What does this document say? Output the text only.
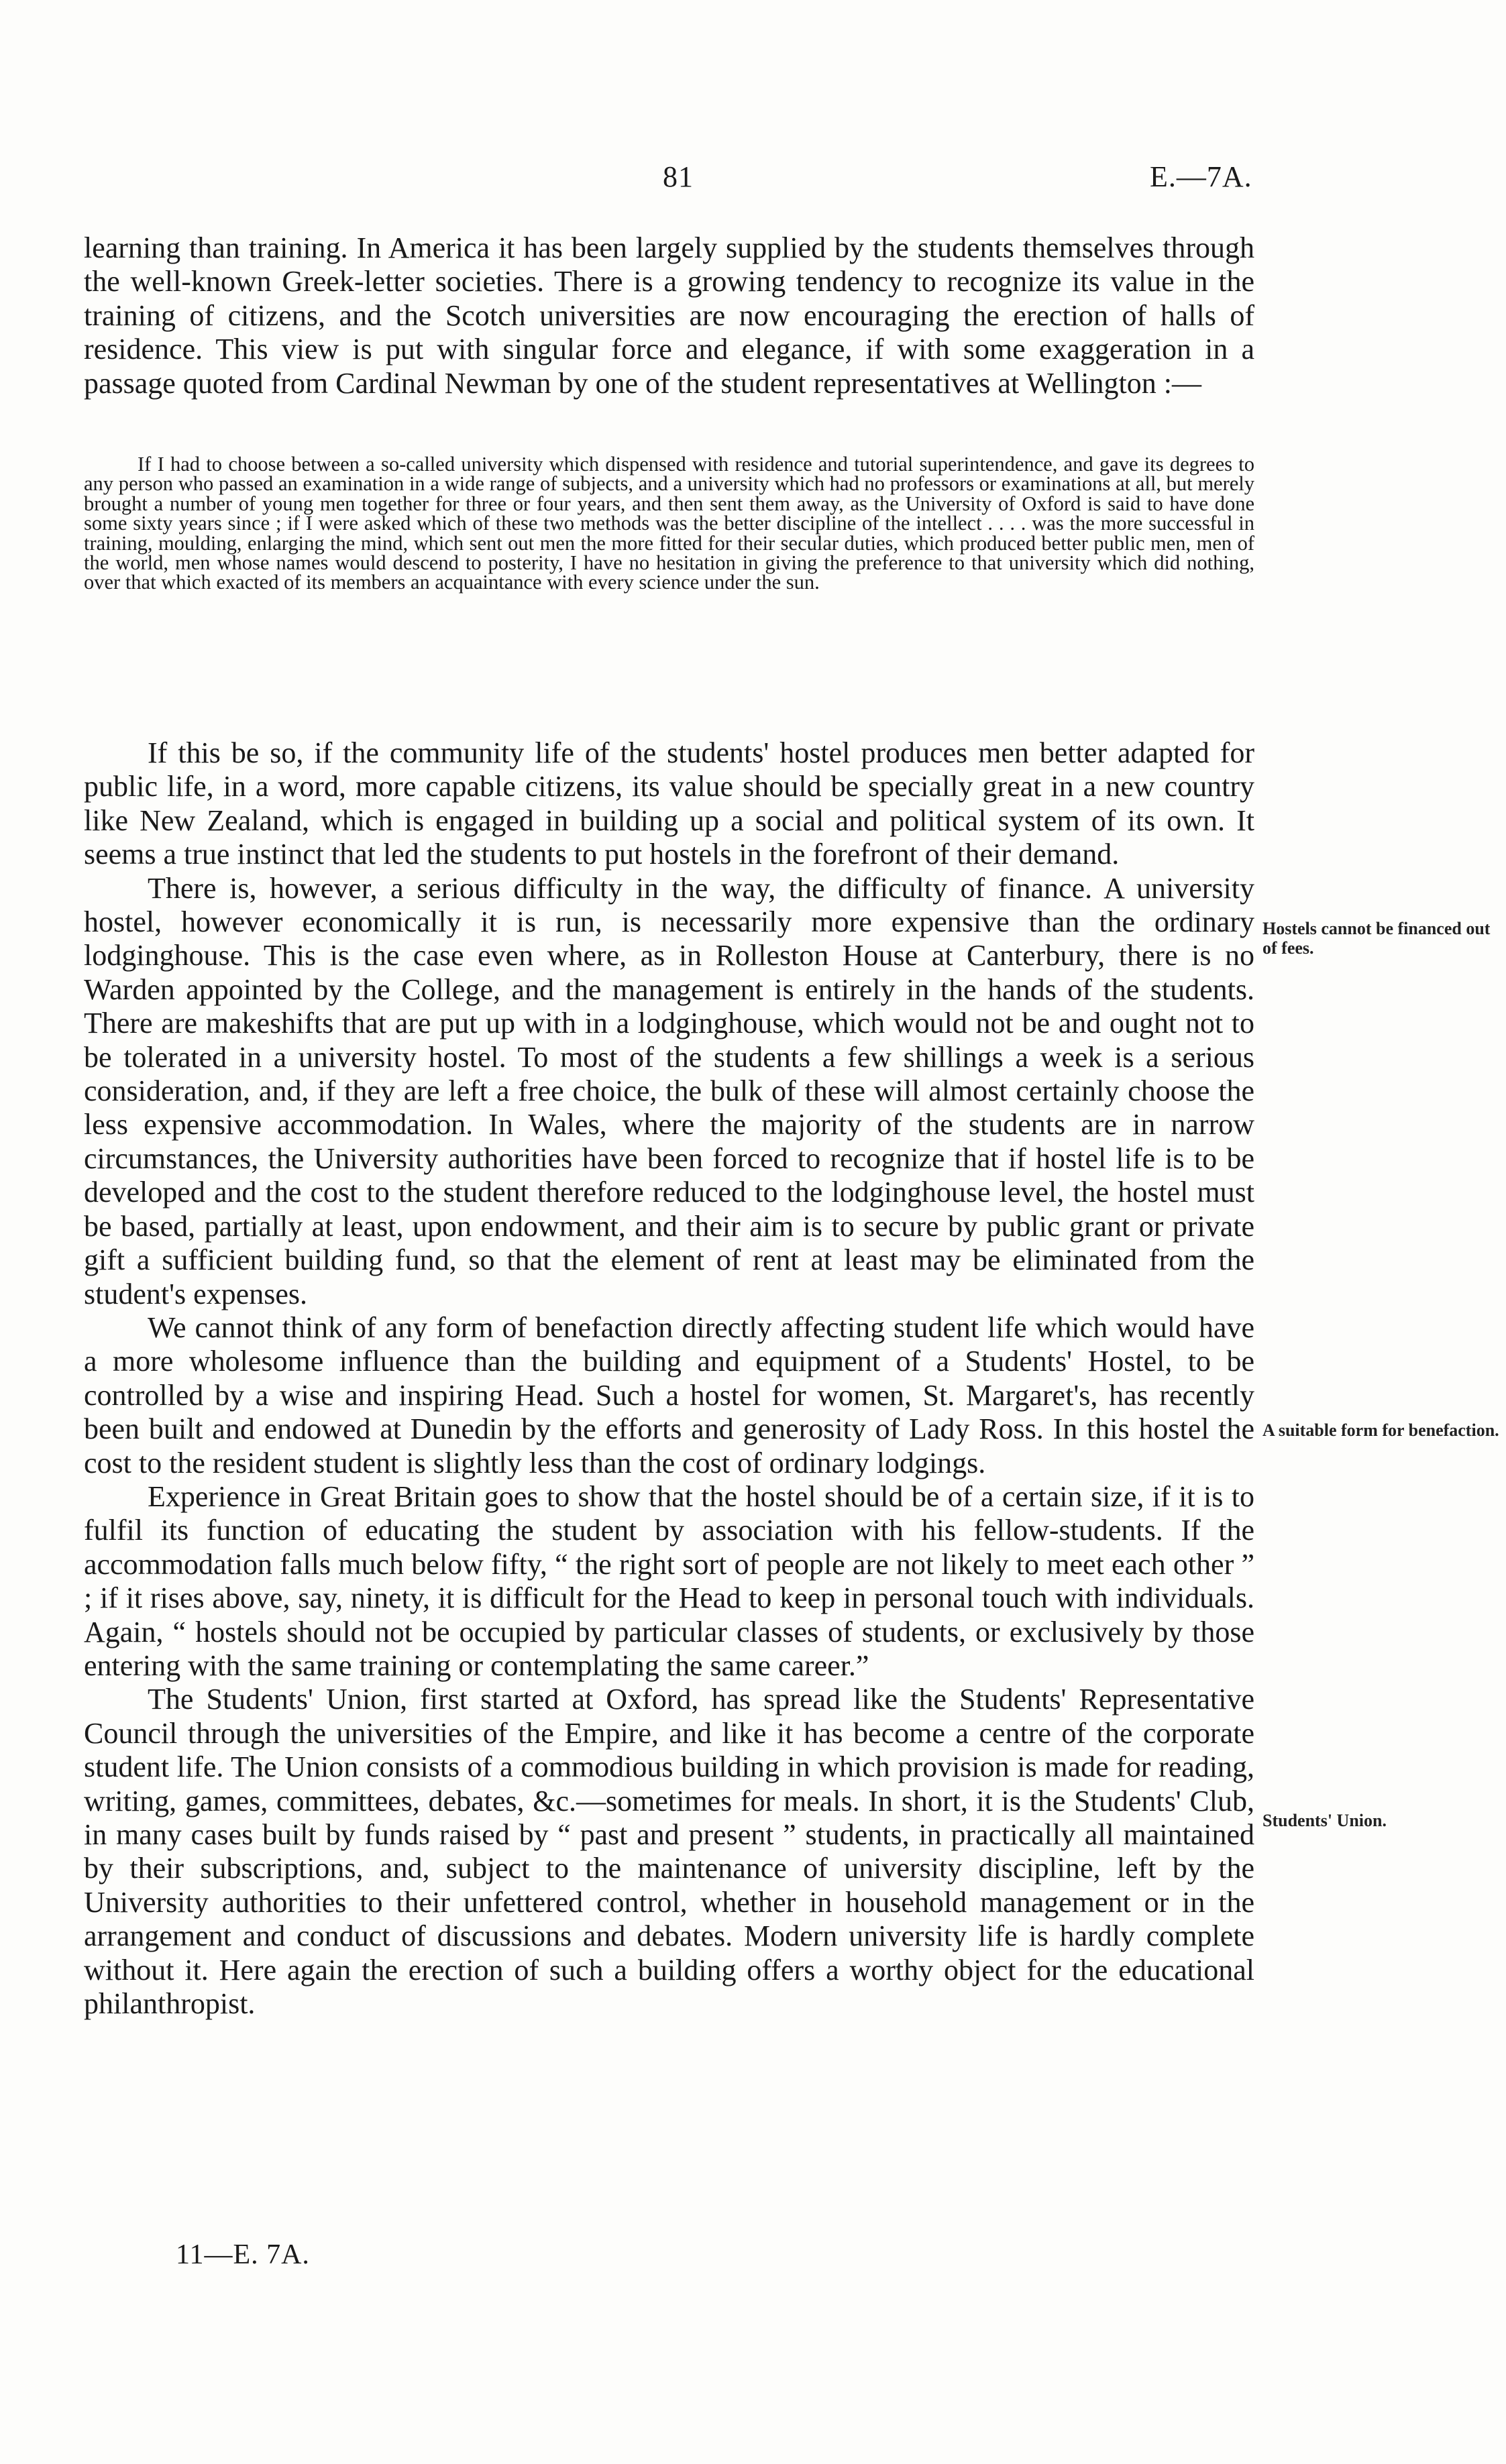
81	E.—7A.

learning than training. In America it has been largely supplied by the students themselves through the well-known Greek-letter societies. There is a growing tendency to recognize its value in the training of citizens, and the Scotch universities are now encouraging the erection of halls of residence. This view is put with singular force and elegance, if with some exaggeration in a passage quoted from Cardinal Newman by one of the student representatives at Wellington :—

If I had to choose between a so-called university which dispensed with residence and tutorial superintendence, and gave its degrees to any person who passed an examination in a wide range of subjects, and a university which had no professors or examinations at all, but merely brought a number of young men together for three or four years, and then sent them away, as the University of Oxford is said to have done some sixty years since ; if I were asked which of these two methods was the better discipline of the intellect . . . . was the more successful in training, moulding, enlarging the mind, which sent out men the more fitted for their secular duties, which produced better public men, men of the world, men whose names would descend to posterity, I have no hesitation in giving the preference to that university which did nothing, over that which exacted of its members an acquaintance with every science under the sun.

If this be so, if the community life of the students' hostel produces men better adapted for public life, in a word, more capable citizens, its value should be specially great in a new country like New Zealand, which is engaged in building up a social and political system of its own. It seems a true instinct that led the students to put hostels in the forefront of their demand.

There is, however, a serious difficulty in the way, the difficulty of finance. A university hostel, however economically it is run, is necessarily more expensive than the ordinary lodginghouse. This is the case even where, as in Rolleston House at Canterbury, there is no Warden appointed by the College, and the management is entirely in the hands of the students. There are makeshifts that are put up with in a lodginghouse, which would not be and ought not to be tolerated in a university hostel. To most of the students a few shillings a week is a serious consideration, and, if they are left a free choice, the bulk of these will almost certainly choose the less expensive accommodation. In Wales, where the majority of the students are in narrow circumstances, the University authorities have been forced to recognize that if hostel life is to be developed and the cost to the student therefore reduced to the lodginghouse level, the hostel must be based, partially at least, upon endowment, and their aim is to secure by public grant or private gift a sufficient building fund, so that the element of rent at least may be eliminated from the student's expenses.

We cannot think of any form of benefaction directly affecting student life which would have a more wholesome influence than the building and equipment of a Students' Hostel, to be controlled by a wise and inspiring Head. Such a hostel for women, St. Margaret's, has recently been built and endowed at Dunedin by the efforts and generosity of Lady Ross. In this hostel the cost to the resident student is slightly less than the cost of ordinary lodgings.

Experience in Great Britain goes to show that the hostel should be of a certain size, if it is to fulfil its function of educating the student by association with his fellow-students. If the accommodation falls much below fifty, “ the right sort of people are not likely to meet each other ” ; if it rises above, say, ninety, it is difficult for the Head to keep in personal touch with individuals. Again, “ hostels should not be occupied by particular classes of students, or exclusively by those entering with the same training or contemplating the same career.”

The Students' Union, first started at Oxford, has spread like the Students' Representative Council through the universities of the Empire, and like it has become a centre of the corporate student life. The Union consists of a commodious building in which provision is made for reading, writing, games, committees, debates, &c.—sometimes for meals. In short, it is the Students' Club, in many cases built by funds raised by “ past and present ” students, in practically all maintained by their subscriptions, and, subject to the maintenance of university discipline, left by the University authorities to their unfettered control, whether in household management or in the arrangement and conduct of discussions and debates. Modern university life is hardly complete without it. Here again the erection of such a building offers a worthy object for the educational philanthropist.

Hostels cannot be financed out of fees.
A suitable form for benefaction.
Students' Union.
11—E. 7A.
